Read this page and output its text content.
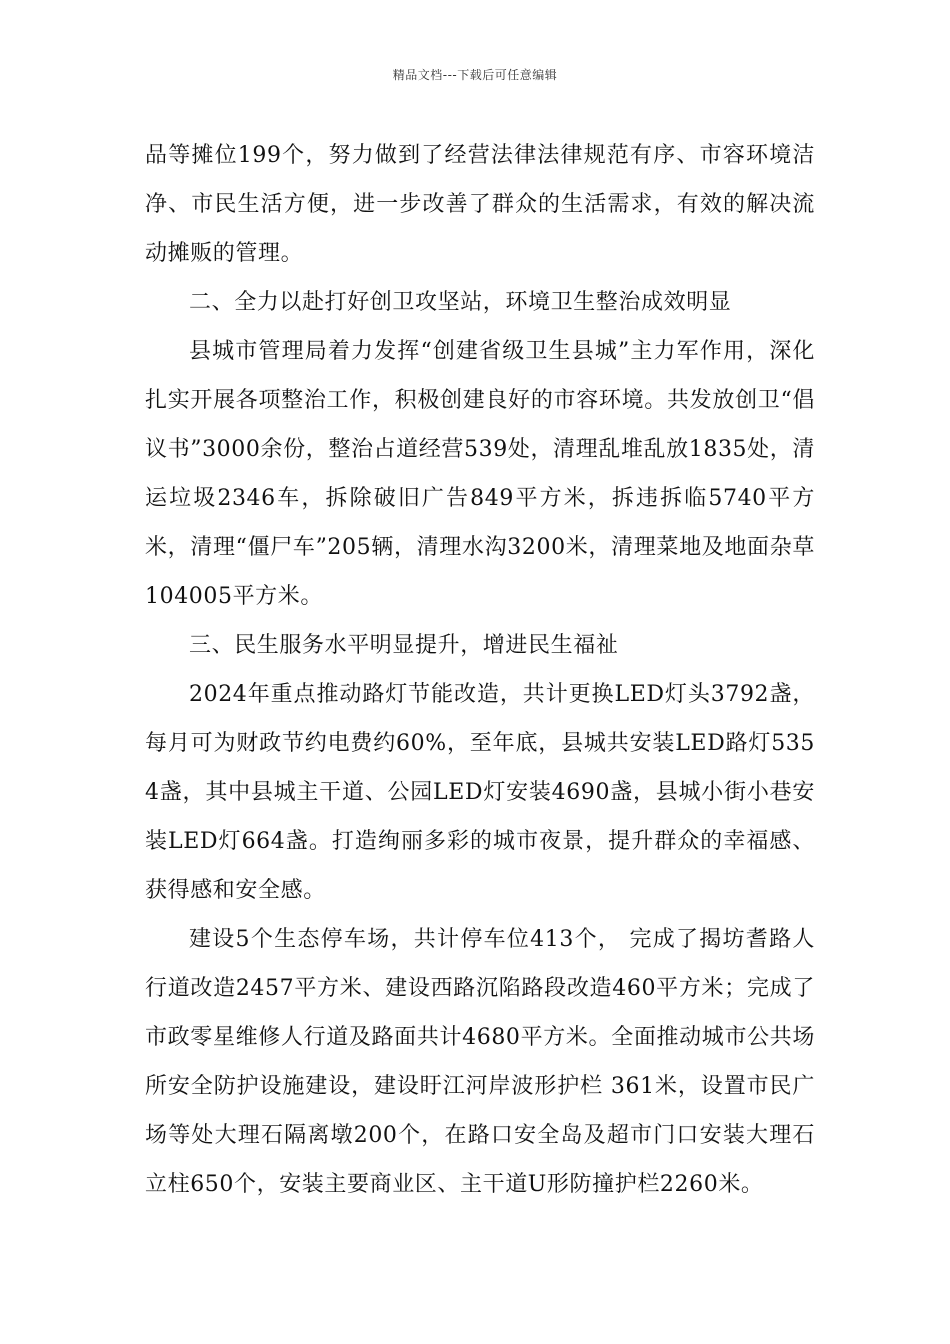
精品文档---下载后可任意编辑

品等摊位199个，努力做到了经营法律法律规范有序、市容环境洁净、市民生活方便，进一步改善了群众的生活需求，有效的解决流动摊贩的管理。

二、全力以赴打好创卫攻坚站，环境卫生整治成效明显

县城市管理局着力发挥“创建省级卫生县城”主力军作用，深化扎实开展各项整治工作，积极创建良好的市容环境。共发放创卫“倡议书”3000余份，整治占道经营539处，清理乱堆乱放1835处，清运垃圾2346车，拆除破旧广告849平方米，拆违拆临5740平方米，清理“僵尸车”205辆，清理水沟3200米，清理菜地及地面杂草104005平方米。

三、民生服务水平明显提升，增进民生福祉

2024年重点推动路灯节能改造，共计更换LED灯头3792盏，每月可为财政节约电费约60%，至年底，县城共安装LED路灯5354盏，其中县城主干道、公园LED灯安装4690盏，县城小街小巷安装LED灯664盏。打造绚丽多彩的城市夜景，提升群众的幸福感、获得感和安全感。

建设5个生态停车场，共计停车位413个， 完成了揭坊耆路人行道改造2457平方米、建设西路沉陷路段改造460平方米；完成了市政零星维修人行道及路面共计4680平方米。全面推动城市公共场所安全防护设施建设，建设盱江河岸波形护栏 361米，设置市民广场等处大理石隔离墩200个，在路口安全岛及超市门口安装大理石立柱650个，安装主要商业区、主干道U形防撞护栏2260米。
